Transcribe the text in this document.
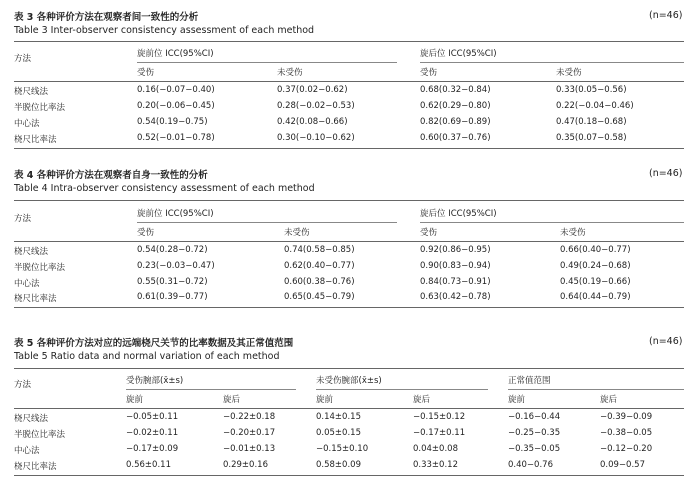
表 3 各种评价方法在观察者间一致性的分析	(n=46)
Table 3 Inter-observer consistency assessment of each method
方法	旋前位 ICC(95%CI)	旋后位 ICC(95%CI)
受伤	未受伤	受伤	未受伤
桡尺线法	0.16(−0.07−0.40)	0.37(0.02−0.62)	0.68(0.32−0.84)	0.33(0.05−0.56)
半脱位比率法	0.20(−0.06−0.45)	0.28(−0.02−0.53)	0.62(0.29−0.80)	0.22(−0.04−0.46)
中心法	0.54(0.19−0.75)	0.42(0.08−0.66)	0.82(0.69−0.89)	0.47(0.18−0.68)
桡尺比率法	0.52(−0.01−0.78)	0.30(−0.10−0.62)	0.60(0.37−0.76)	0.35(0.07−0.58)
表 4 各种评价方法在观察者自身一致性的分析	(n=46)
Table 4 Intra-observer consistency assessment of each method
方法	旋前位 ICC(95%CI)	旋后位 ICC(95%CI)
受伤	未受伤	受伤	未受伤
桡尺线法	0.54(0.28−0.72)	0.74(0.58−0.85)	0.92(0.86−0.95)	0.66(0.40−0.77)
半脱位比率法	0.23(−0.03−0.47)	0.62(0.40−0.77)	0.90(0.83−0.94)	0.49(0.24−0.68)
中心法	0.55(0.31−0.72)	0.60(0.38−0.76)	0.84(0.73−0.91)	0.45(0.19−0.66)
桡尺比率法	0.61(0.39−0.77)	0.65(0.45−0.79)	0.63(0.42−0.78)	0.64(0.44−0.79)
表 5 各种评价方法对应的远端桡尺关节的比率数据及其正常值范围	(n=46)
Table 5 Ratio data and normal variation of each method
方法	受伤腕部(x̄±s)	未受伤腕部(x̄±s)	正常值范围
旋前	旋后	旋前	旋后	旋前	旋后
桡尺线法	−0.05±0.11	−0.22±0.18	0.14±0.15	−0.15±0.12	−0.16−0.44	−0.39−0.09
半脱位比率法	−0.02±0.11	−0.20±0.17	0.05±0.15	−0.17±0.11	−0.25−0.35	−0.38−0.05
中心法	−0.17±0.09	−0.01±0.13	−0.15±0.10	0.04±0.08	−0.35−0.05	−0.12−0.20
桡尺比率法	0.56±0.11	0.29±0.16	0.58±0.09	0.33±0.12	0.40−0.76	0.09−0.57
